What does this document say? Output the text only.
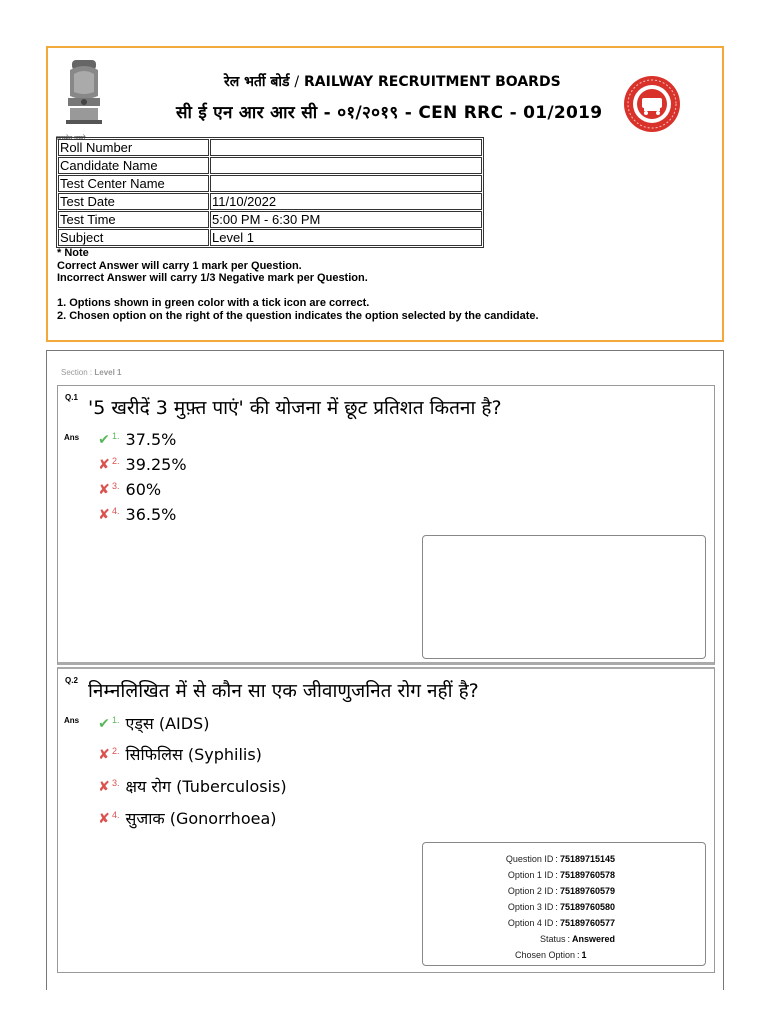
सत्यमेव जयते
रेल भर्ती बोर्ड / RAILWAY RECRUITMENT BOARDS
सी ई एन आर आर सी - ०१/२०१९ - CEN RRC - 01/2019
Roll Number	
Candidate Name	
Test Center Name	
Test Date	11/10/2022
Test Time	5:00 PM - 6:30 PM
Subject	Level 1
* Note
Correct Answer will carry 1 mark per Question.
Incorrect Answer will carry 1/3 Negative mark per Question.
1. Options shown in green color with a tick icon are correct.
2. Chosen option on the right of the question indicates the option selected by the candidate.
Section : Level 1
Q.1 '5 खरीदें 3 मुफ़्त पाएं' की योजना में छूट प्रतिशत कितना है?
Ans ✔ 1. 37.5%
✘ 2. 39.25%
✘ 3. 60%
✘ 4. 36.5%
Q.2 निम्नलिखित में से कौन सा एक जीवाणुजनित रोग नहीं है?
Ans ✔ 1. एड्स (AIDS)
✘ 2. सिफिलिस (Syphilis)
✘ 3. क्षय रोग (Tuberculosis)
✘ 4. सुजाक (Gonorrhoea)
Question ID : 75189715145
Option 1 ID : 75189760578
Option 2 ID : 75189760579
Option 3 ID : 75189760580
Option 4 ID : 75189760577
Status : Answered
Chosen Option : 1
